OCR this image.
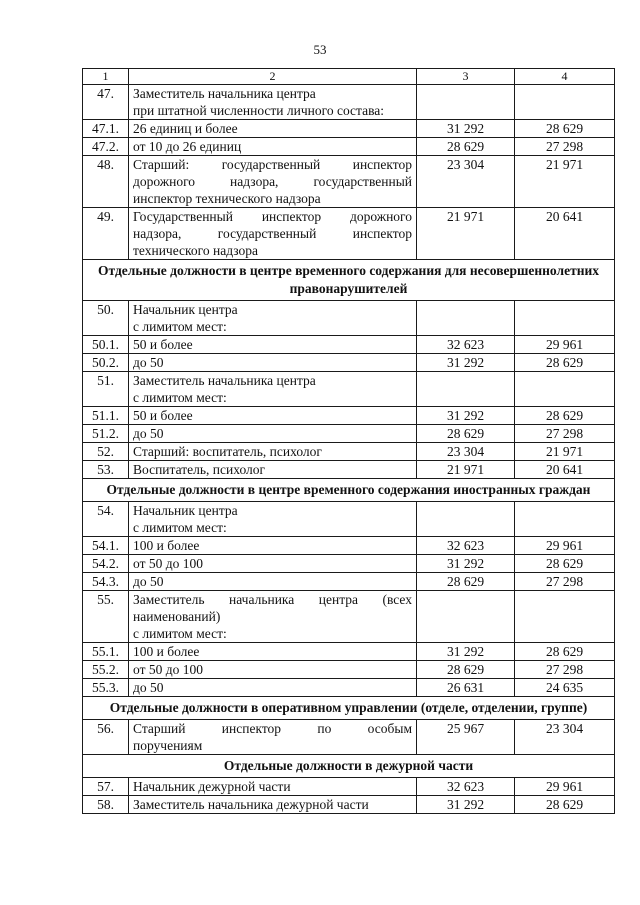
53
1	2	3	4
47.	Заместитель начальника центра
при штатной численности личного состава:		

47.1.	26 единиц и более	31 292	28 629
47.2.	от 10 до 26 единиц	28 629	27 298
48.	Старший: государственный инспектор
дорожного надзора, государственный
инспектор технического надзора	23 304	21 971
49.	Государственный инспектор дорожного
надзора, государственный инспектор
технического надзора	21 971	20 641
Отдельные должности в центре временного содержания для несовершеннолетних правонарушителей			
50.	Начальник центра
с лимитом мест:		

50.1.	50 и более	32 623	29 961
50.2.	до 50	31 292	28 629
51.	Заместитель начальника центра
с лимитом мест:		

51.1.	50 и более	31 292	28 629
51.2.	до 50	28 629	27 298
52.	Старший: воспитатель, психолог	23 304	21 971
53.	Воспитатель, психолог	21 971	20 641
Отдельные должности в центре временного содержания иностранных граждан			
54.	Начальник центра
с лимитом мест:		

54.1.	100 и более	32 623	29 961
54.2.	от 50 до 100	31 292	28 629
54.3.	до 50	28 629	27 298
55.	Заместитель начальника центра (всех
наименований)
с лимитом мест:		

55.1.	100 и более	31 292	28 629
55.2.	от 50 до 100	28 629	27 298
55.3.	до 50	26 631	24 635
Отдельные должности в оперативном управлении (отделе, отделении, группе)			
56.	Старший инспектор по особым
поручениям	25 967	23 304
Отдельные должности в дежурной части			
57.	Начальник дежурной части	32 623	29 961
58.	Заместитель начальника дежурной части	31 292	28 629
